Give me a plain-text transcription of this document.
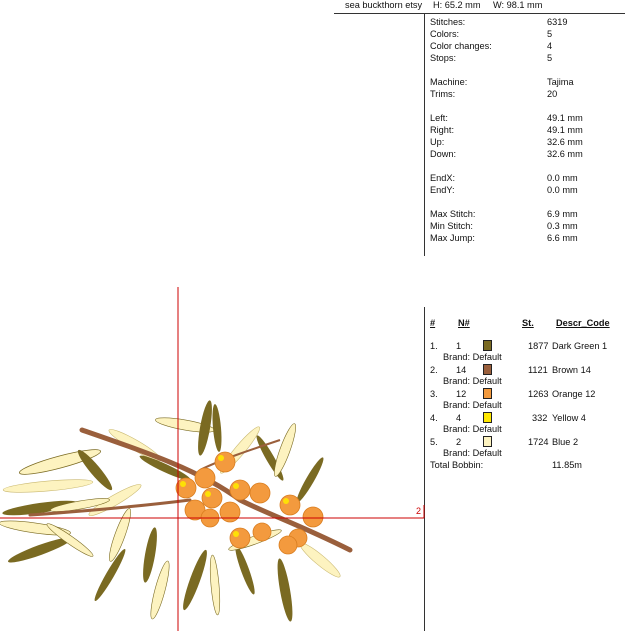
sea buckthorn etsy H: 65.2 mm W: 98.1 mm
Stitches:	6319
Colors:	5
Color changes:	4
Stops:	5
Machine:	Tajima
Trims:	20
Left:	49.1 mm
Right:	49.1 mm
Up:	32.6 mm
Down:	32.6 mm
EndX:	0.0 mm
EndY:	0.0 mm
Max Stitch:	6.9 mm
Min Stitch:	0.3 mm
Max Jump:	6.6 mm
# N#	St. Descr_Code
1. 1	1877 Dark Green 1
Brand: Default
2. 14	1121 Brown 14
Brand: Default
3. 12	1263 Orange 12
Brand: Default
4. 4	332 Yellow 4
Brand: Default
5. 2	1724 Blue 2
Brand: Default
Total Bobbin:	11.85m
2
